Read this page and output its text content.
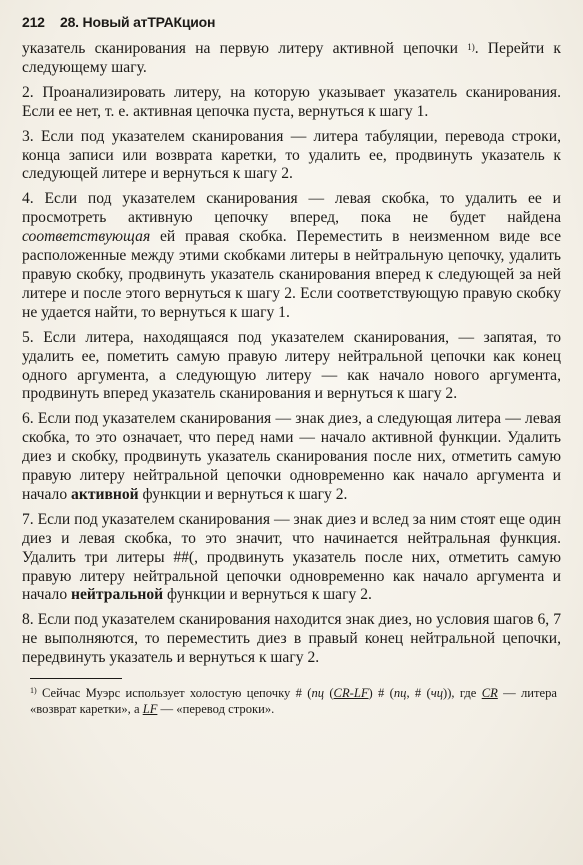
212 28. Новый атТРАКцион

указатель сканирования на первую литеру активной цепочки $^{1)}$. Перейти к следующему шагу.

2. Проанализировать литеру, на которую указывает указатель сканирования. Если ее нет, т. е. активная цепочка пуста, вернуться к шагу 1.

3. Если под указателем сканирования — литера табуляции, перевода строки, конца записи или возврата каретки, то удалить ее, продвинуть указатель к следующей литере и вернуться к шагу 2.

4. Если под указателем сканирования — левая скобка, то удалить ее и просмотреть активную цепочку вперед, пока не будет найдена соответствующая ей правая скобка. Переместить в неизменном виде все расположенные между этими скобками литеры в нейтральную цепочку, удалить правую скобку, продвинуть указатель сканирования вперед к следующей за ней литере и после этого вернуться к шагу 2. Если соответствующую правую скобку не удается найти, то вернуться к шагу 1.

5. Если литера, находящаяся под указателем сканирования, — запятая, то удалить ее, пометить самую правую литеру нейтральной цепочки как конец одного аргумента, а следующую литеру — как начало нового аргумента, продвинуть вперед указатель сканирования и вернуться к шагу 2.

6. Если под указателем сканирования — знак диез, а следующая литера — левая скобка, то это означает, что перед нами — начало активной функции. Удалить диез и скобку, продвинуть указатель сканирования после них, отметить самую правую литеру нейтральной цепочки одновременно как начало аргумента и начало активной функции и вернуться к шагу 2.

7. Если под указателем сканирования — знак диез и вслед за ним стоят еще один диез и левая скобка, то это значит, что начинается нейтральная функция. Удалить три литеры ##(, продвинуть указатель после них, отметить самую правую литеру нейтральной цепочки одновременно как начало аргумента и начало нейтральной функции и вернуться к шагу 2.

8. Если под указателем сканирования находится знак диез, но условия шагов 6, 7 не выполняются, то переместить диез в правый конец нейтральной цепочки, передвинуть указатель и вернуться к шагу 2.

$^{1)}$ Сейчас Муэрс использует холостую цепочку # (пц (CR-LF) # (пц, # (чц)), где CR — литера «возврат каретки», а LF — «перевод строки».
